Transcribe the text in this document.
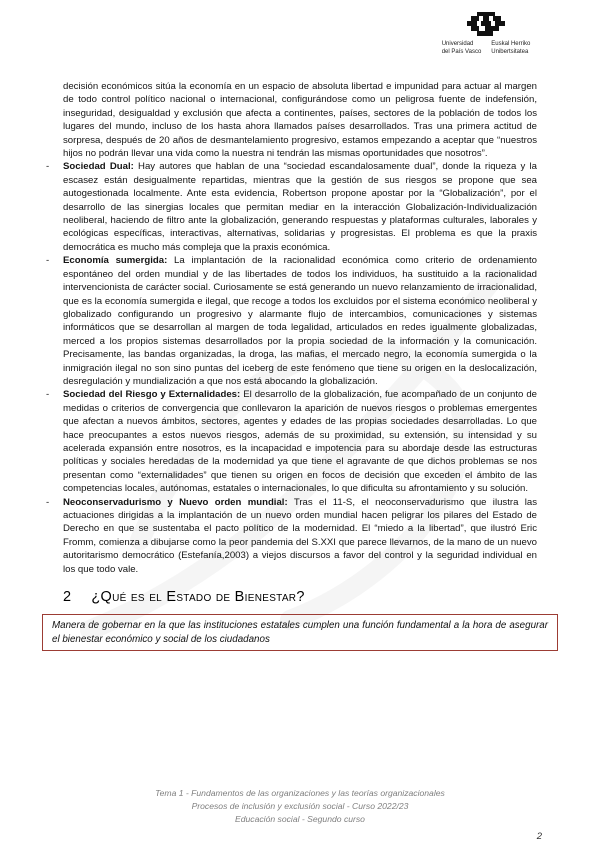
Universidad
del País Vasco
Euskal Herriko
Unibertsitatea

decisión económicos sitúa la economía en un espacio de absoluta libertad e impunidad para actuar al margen de todo control político nacional o internacional, configurándose como un peligrosa fuente de indefensión, inseguridad, desigualdad y exclusión que afecta a continentes, países, sectores de la población de todos los lugares del mundo, incluso de los hasta ahora llamados países desarrollados. Tras una primera actitud de sorpresa, después de 20 años de desmantelamiento progresivo, estamos empezando a aceptar que “nuestros hijos no podrán llevar una vida como la nuestra ni tendrán las mismas oportunidades que nosotros”.

- Sociedad Dual: Hay autores que hablan de una “sociedad escandalosamente dual”, donde la riqueza y la escasez están desigualmente repartidas, mientras que la gestión de sus riesgos se propone que sea autogestionada localmente. Ante esta evidencia, Robertson propone apostar por la “Globalización”, por el desarrollo de las sinergias locales que permitan mediar en la interacción Globalización-Individualización neoliberal, haciendo de filtro ante la globalización, generando respuestas y plataformas culturales, laborales y ecológicas específicas, interactivas, alternativas, solidarias y progresistas. El problema es que la praxis democrática es mucho más compleja que la praxis económica.
- Economía sumergida: La implantación de la racionalidad económica como criterio de ordenamiento espontáneo del orden mundial y de las libertades de todos los individuos, ha sustituido a la racionalidad intervencionista de carácter social. Curiosamente se está generando un nuevo relanzamiento de irracionalidad, que es la economía sumergida e ilegal, que recoge a todos los excluidos por el sistema económico neoliberal y globalizado configurando un progresivo y alarmante flujo de intercambios, comunicaciones y sistemas informáticos que se desarrollan al margen de toda legalidad, articulados en redes igualmente globalizadas, merced a los propios sistemas desarrollados por la propia sociedad de la información y la comunicación. Precisamente, las bandas organizadas, la droga, las mafias, el mercado negro, la economía sumergida o la inmigración ilegal no son sino puntas del iceberg de este fenómeno que tiene su origen en la deslocalización, desregulación y mundialización a que nos está abocando la globalización.
- Sociedad del Riesgo y Externalidades: El desarrollo de la globalización, fue acompañado de un conjunto de medidas o criterios de convergencia que conllevaron la aparición de nuevos riesgos o problemas emergentes que afectan a nuevos ámbitos, sectores, agentes y edades de las propias sociedades desarrolladas. Lo que hace preocupantes a estos nuevos riesgos, además de su proximidad, su extensión, su intensidad y su acelerada expansión entre nosotros, es la incapacidad e impotencia para su abordaje desde las estructuras políticas y sociales heredadas de la modernidad ya que tiene el agravante de que dichos problemas se nos presentan como “externalidades” que tienen su origen en focos de decisión que exceden el ámbito de las competencias locales, autónomas, estatales o internacionales, lo que dificulta su afrontamiento y su solución.
- Neoconservadurismo y Nuevo orden mundial: Tras el 11-S, el neoconservadurismo que ilustra las actuaciones dirigidas a la implantación de un nuevo orden mundial hacen peligrar los pilares del Estado de Derecho en que se sustentaba el pacto político de la modernidad. El “miedo a la libertad”, que ilustró Eric Fromm, comienza a dibujarse como la peor pandemia del S.XXI que parece llevarnos, de la mano de un nuevo autoritarismo democrático (Estefanía,2003) a viejos discursos a favor del control y la seguridad individual en los que todo vale.
2 ¿Qué es el Estado de Bienestar?
Manera de gobernar en la que las instituciones estatales cumplen una función fundamental a la hora de asegurar el bienestar económico y social de los ciudadanos
Tema 1 - Fundamentos de las organizaciones y las teorías organizacionales
Procesos de inclusión y exclusión social - Curso 2022/23
Educación social - Segundo curso
2
